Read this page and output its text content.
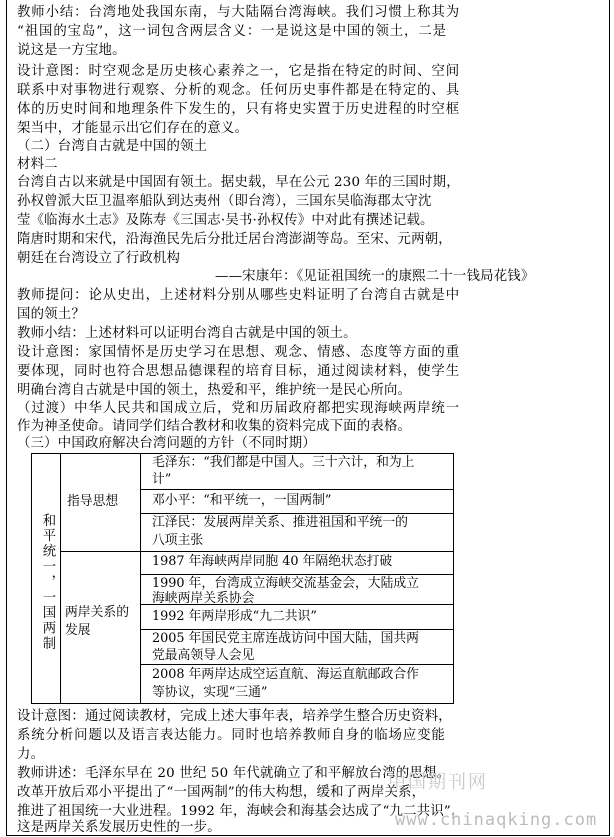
教师小结：台湾地处我国东南，与大陆隔台湾海峡。我们习惯上称其为
“祖国的宝岛”，这一词包含两层含义：一是说这是中国的领土，二是
说这是一方宝地。
设计意图：时空观念是历史核心素养之一，它是指在特定的时间、空间
联系中对事物进行观察、分析的观念。任何历史事件都是在特定的、具
体的历史时间和地理条件下发生的，只有将史实置于历史进程的时空框
架当中，才能显示出它们存在的意义。
（二）台湾自古就是中国的领土
材料二
台湾自古以来就是中国固有领土。据史载，早在公元 230 年的三国时期，
孙权曾派大臣卫温率船队到达夷州（即台湾），三国东吴临海郡太守沈
莹《临海水土志》及陈寿《三国志·吴书·孙权传》中对此有撰述记载。
隋唐时期和宋代，沿海渔民先后分批迁居台湾澎湖等岛。至宋、元两朝，
朝廷在台湾设立了行政机构
——宋康年：《见证祖国统一的康熙二十一钱局花钱》
教师提问：论从史出，上述材料分别从哪些史料证明了台湾自古就是中
国的领土？
教师小结：上述材料可以证明台湾自古就是中国的领土。
设计意图：家国情怀是历史学习在思想、观念、情感、态度等方面的重
要体现，同时也符合思想品德课程的培育目标，通过阅读材料，使学生
明确台湾自古就是中国的领土，热爱和平，维护统一是民心所向。
（过渡）中华人民共和国成立后，党和历届政府都把实现海峡两岸统一
作为神圣使命。请同学们结合教材和收集的资料完成下面的表格。
（三）中国政府解决台湾问题的方针（不同时期）
和平统一，一国两制
指导思想
毛泽东：“我们都是中国人。三十六计，和为上
计”
邓小平：“和平统一，一国两制”
江泽民：发展两岸关系、推进祖国和平统一的
八项主张
两岸关系的
发展
1987 年海峡两岸同胞 40 年隔绝状态打破
1990 年，台湾成立海峡交流基金会，大陆成立
海峡两岸关系协会
1992 年两岸形成“九二共识”
2005 年国民党主席连战访问中国大陆，国共两
党最高领导人会见
2008 年两岸达成空运直航、海运直航邮政合作
等协议，实现“三通”
设计意图：通过阅读教材，完成上述大事年表，培养学生整合历史资料，
系统分析问题以及语言表达能力。同时也培养教师自身的临场应变能
力。
教师讲述：毛泽东早在 20 世纪 50 年代就确立了和平解放台湾的思想。
改革开放后邓小平提出了“一国两制”的伟大构想，缓和了两岸关系，
推进了祖国统一大业进程。1992 年，海峡会和海基会达成了“九二共识”，
这是两岸关系发展历史性的一步。
中国期刊网
www.chinaqking.com
